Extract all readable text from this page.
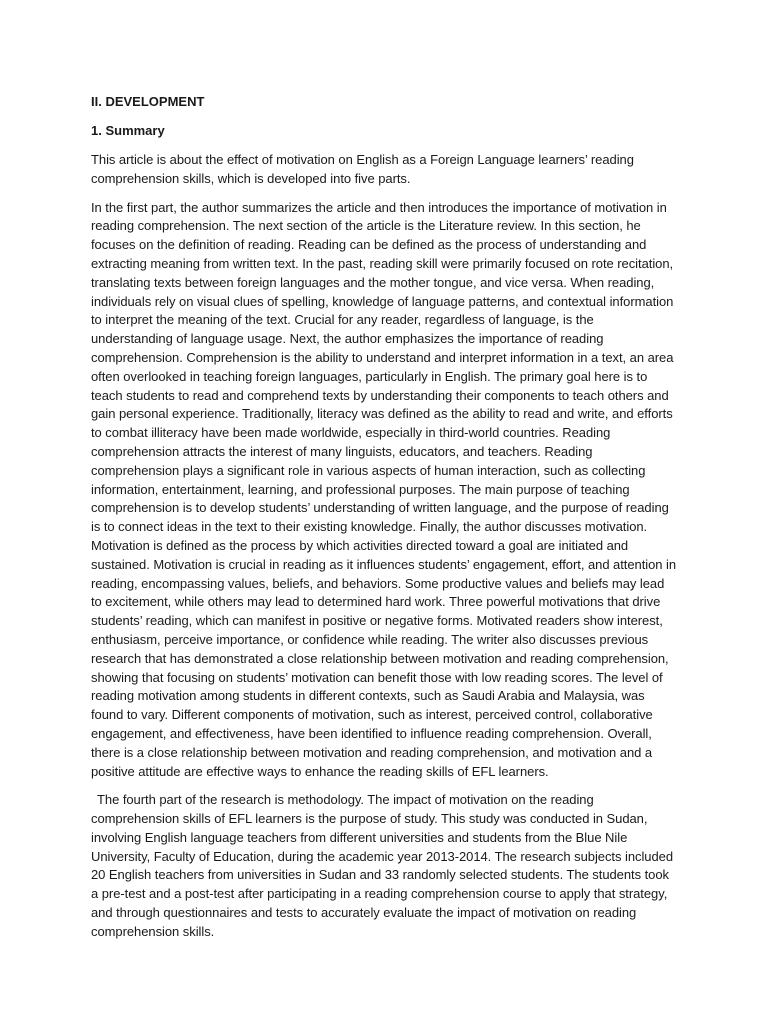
II. DEVELOPMENT
1. Summary

This article is about the effect of motivation on English as a Foreign Language learners’ reading comprehension skills, which is developed into five parts.

In the first part, the author summarizes the article and then introduces the importance of motivation in reading comprehension. The next section of the article is the Literature review. In this section, he focuses on the definition of reading. Reading can be defined as the process of understanding and extracting meaning from written text. In the past, reading skill were primarily focused on rote recitation, translating texts between foreign languages and the mother tongue, and vice versa. When reading, individuals rely on visual clues of spelling, knowledge of language patterns, and contextual information to interpret the meaning of the text. Crucial for any reader, regardless of language, is the understanding of language usage. Next, the author emphasizes the importance of reading comprehension. Comprehension is the ability to understand and interpret information in a text, an area often overlooked in teaching foreign languages, particularly in English. The primary goal here is to teach students to read and comprehend texts by understanding their components to teach others and gain personal experience. Traditionally, literacy was defined as the ability to read and write, and efforts to combat illiteracy have been made worldwide, especially in third-world countries. Reading comprehension attracts the interest of many linguists, educators, and teachers. Reading comprehension plays a significant role in various aspects of human interaction, such as collecting information, entertainment, learning, and professional purposes. The main purpose of teaching comprehension is to develop students’ understanding of written language, and the purpose of reading is to connect ideas in the text to their existing knowledge. Finally, the author discusses motivation. Motivation is defined as the process by which activities directed toward a goal are initiated and sustained. Motivation is crucial in reading as it influences students’ engagement, effort, and attention in reading, encompassing values, beliefs, and behaviors. Some productive values and beliefs may lead to excitement, while others may lead to determined hard work. Three powerful motivations that drive students’ reading, which can manifest in positive or negative forms. Motivated readers show interest, enthusiasm, perceive importance, or confidence while reading. The writer also discusses previous research that has demonstrated a close relationship between motivation and reading comprehension, showing that focusing on students’ motivation can benefit those with low reading scores. The level of reading motivation among students in different contexts, such as Saudi Arabia and Malaysia, was found to vary. Different components of motivation, such as interest, perceived control, collaborative engagement, and effectiveness, have been identified to influence reading comprehension. Overall, there is a close relationship between motivation and reading comprehension, and motivation and a positive attitude are effective ways to enhance the reading skills of EFL learners.

The fourth part of the research is methodology. The impact of motivation on the reading comprehension skills of EFL learners is the purpose of study. This study was conducted in Sudan, involving English language teachers from different universities and students from the Blue Nile University, Faculty of Education, during the academic year 2013-2014. The research subjects included 20 English teachers from universities in Sudan and 33 randomly selected students. The students took a pre-test and a post-test after participating in a reading comprehension course to apply that strategy, and through questionnaires and tests to accurately evaluate the impact of motivation on reading comprehension skills.
